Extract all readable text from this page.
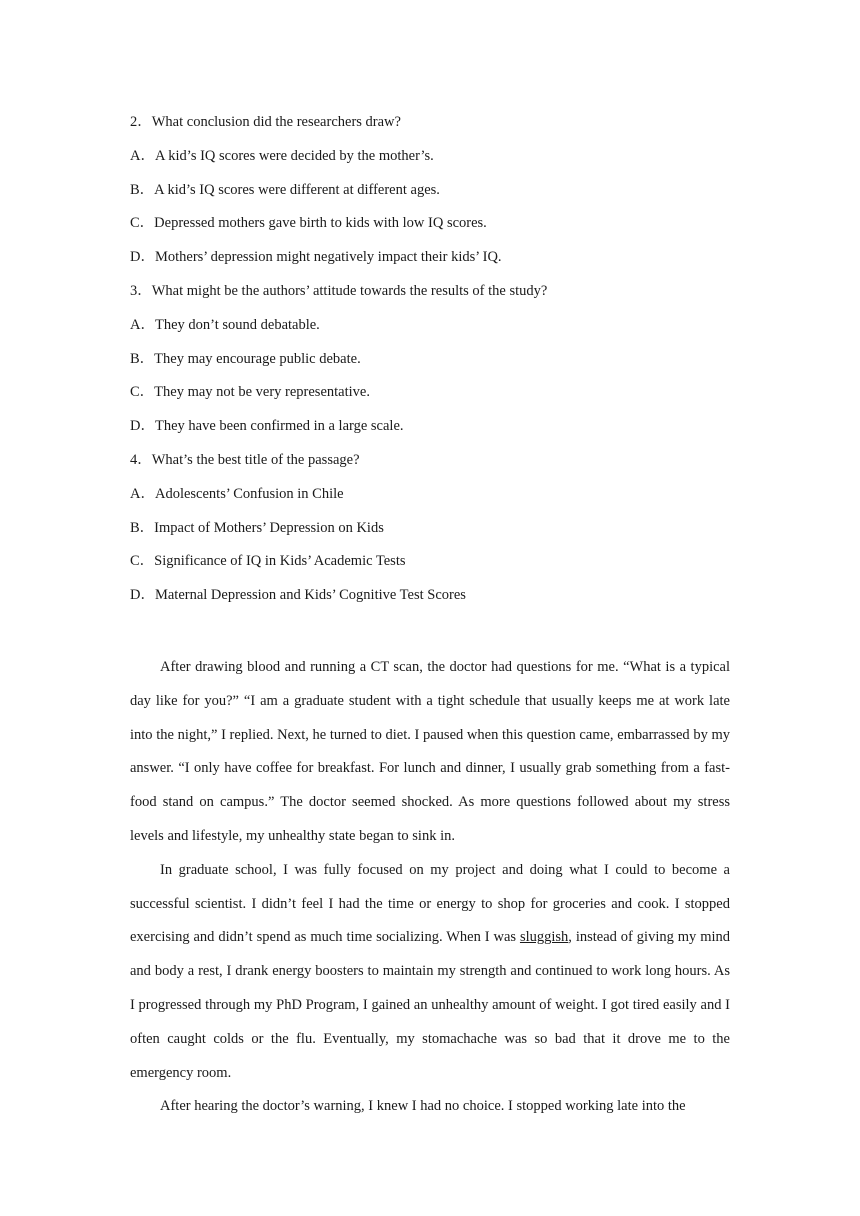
2．What conclusion did the researchers draw?
A．A kid’s IQ scores were decided by the mother’s.
B．A kid’s IQ scores were different at different ages.
C．Depressed mothers gave birth to kids with low IQ scores.
D．Mothers’ depression might negatively impact their kids’ IQ.
3．What might be the authors’ attitude towards the results of the study?
A．They don’t sound debatable.
B．They may encourage public debate.
C．They may not be very representative.
D．They have been confirmed in a large scale.
4．What’s the best title of the passage?
A．Adolescents’ Confusion in Chile
B．Impact of Mothers’ Depression on Kids
C．Significance of IQ in Kids’ Academic Tests
D．Maternal Depression and Kids’ Cognitive Test Scores

After drawing blood and running a CT scan, the doctor had questions for me. “What is a typical day like for you?” “I am a graduate student with a tight schedule that usually keeps me at work late into the night,” I replied. Next, he turned to diet. I paused when this question came, embarrassed by my answer. “I only have coffee for breakfast. For lunch and dinner, I usually grab something from a fast-food stand on campus.” The doctor seemed shocked. As more questions followed about my stress levels and lifestyle, my unhealthy state began to sink in.

In graduate school, I was fully focused on my project and doing what I could to become a successful scientist. I didn’t feel I had the time or energy to shop for groceries and cook. I stopped exercising and didn’t spend as much time socializing. When I was sluggish, instead of giving my mind and body a rest, I drank energy boosters to maintain my strength and continued to work long hours. As I progressed through my PhD Program, I gained an unhealthy amount of weight. I got tired easily and I often caught colds or the flu. Eventually, my stomachache was so bad that it drove me to the emergency room.

After hearing the doctor’s warning, I knew I had no choice. I stopped working late into the
